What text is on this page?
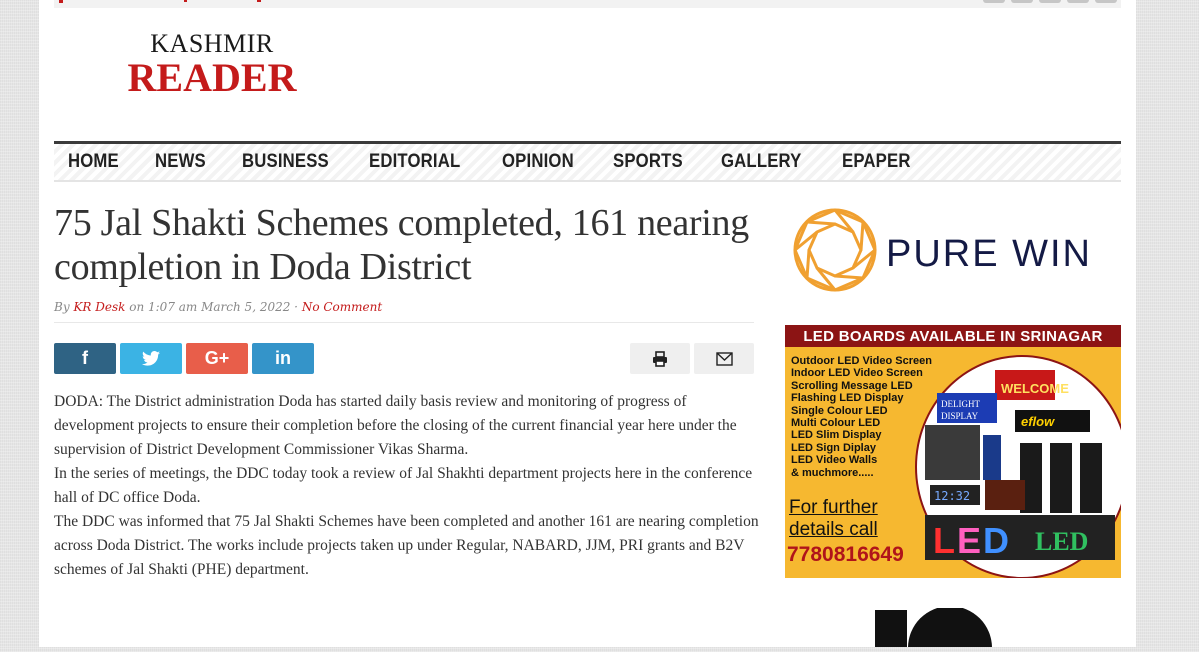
KASHMIR
READER
HOME NEWS BUSINESS EDITORIAL OPINION SPORTS GALLERY EPAPER
75 Jal Shakti Schemes completed, 161 nearing completion in Doda District
By KR Desk on 1:07 am March 5, 2022 · No Comment
f	G+	in

DODA: The District administration Doda has started daily basis review and monitoring of progress of development projects to ensure their completion before the closing of the current financial year here under the supervision of District Development Commissioner Vikas Sharma.

In the series of meetings, the DDC today took a review of Jal Shakhti department projects here in the conference hall of DC office Doda.

The DDC was informed that 75 Jal Shakti Schemes have been completed and another 161 are nearing completion across Doda District. The works include projects taken up under Regular, NABARD, JJM, PRI grants and B2V schemes of Jal Shakti (PHE) department.

PURE WIN
LED BOARDS AVAILABLE IN SRINAGAR
WELCOME
DELIGHT
DISPLAY	eflow
12:32
L E D LED
Outdoor LED Video Screen
Indoor LED Video Screen
Scrolling Message LED
Flashing LED Display
Single Colour LED
Multi Colour LED
LED Slim Display
LED Sign Diplay
LED Video Walls
& muchmore.....
For further
details call
7780816649
